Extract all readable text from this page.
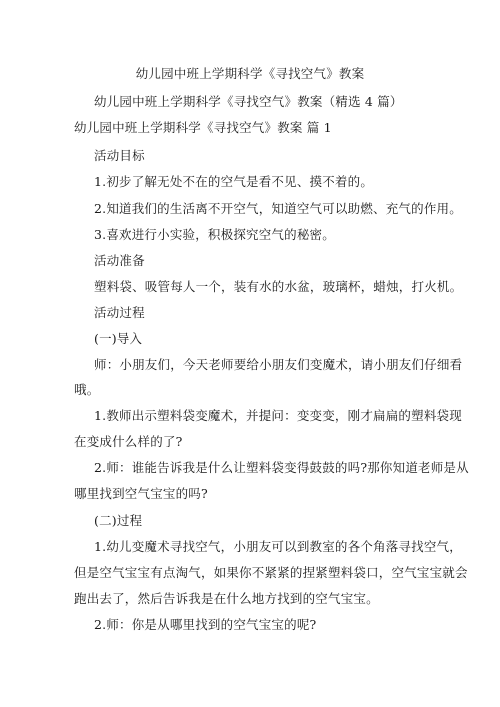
幼儿园中班上学期科学《寻找空气》教案
幼儿园中班上学期科学《寻找空气》教案（精选 4 篇）
幼儿园中班上学期科学《寻找空气》教案 篇 1
活动目标
1.初步了解无处不在的空气是看不见、摸不着的。
2.知道我们的生活离不开空气，知道空气可以助燃、充气的作用。
3.喜欢进行小实验，积极探究空气的秘密。
活动准备
塑料袋、吸管每人一个，装有水的水盆，玻璃杯，蜡烛，打火机。
活动过程
(一)导入
师：小朋友们，今天老师要给小朋友们变魔术，请小朋友们仔细看
哦。
1.教师出示塑料袋变魔术，并提问：变变变，刚才扁扁的塑料袋现
在变成什么样的了?
2.师：谁能告诉我是什么让塑料袋变得鼓鼓的吗?那你知道老师是从
哪里找到空气宝宝的吗?
(二)过程
1.幼儿变魔术寻找空气，小朋友可以到教室的各个角落寻找空气，
但是空气宝宝有点淘气，如果你不紧紧的捏紧塑料袋口，空气宝宝就会
跑出去了，然后告诉我是在什么地方找到的空气宝宝。
2.师：你是从哪里找到的空气宝宝的呢?
